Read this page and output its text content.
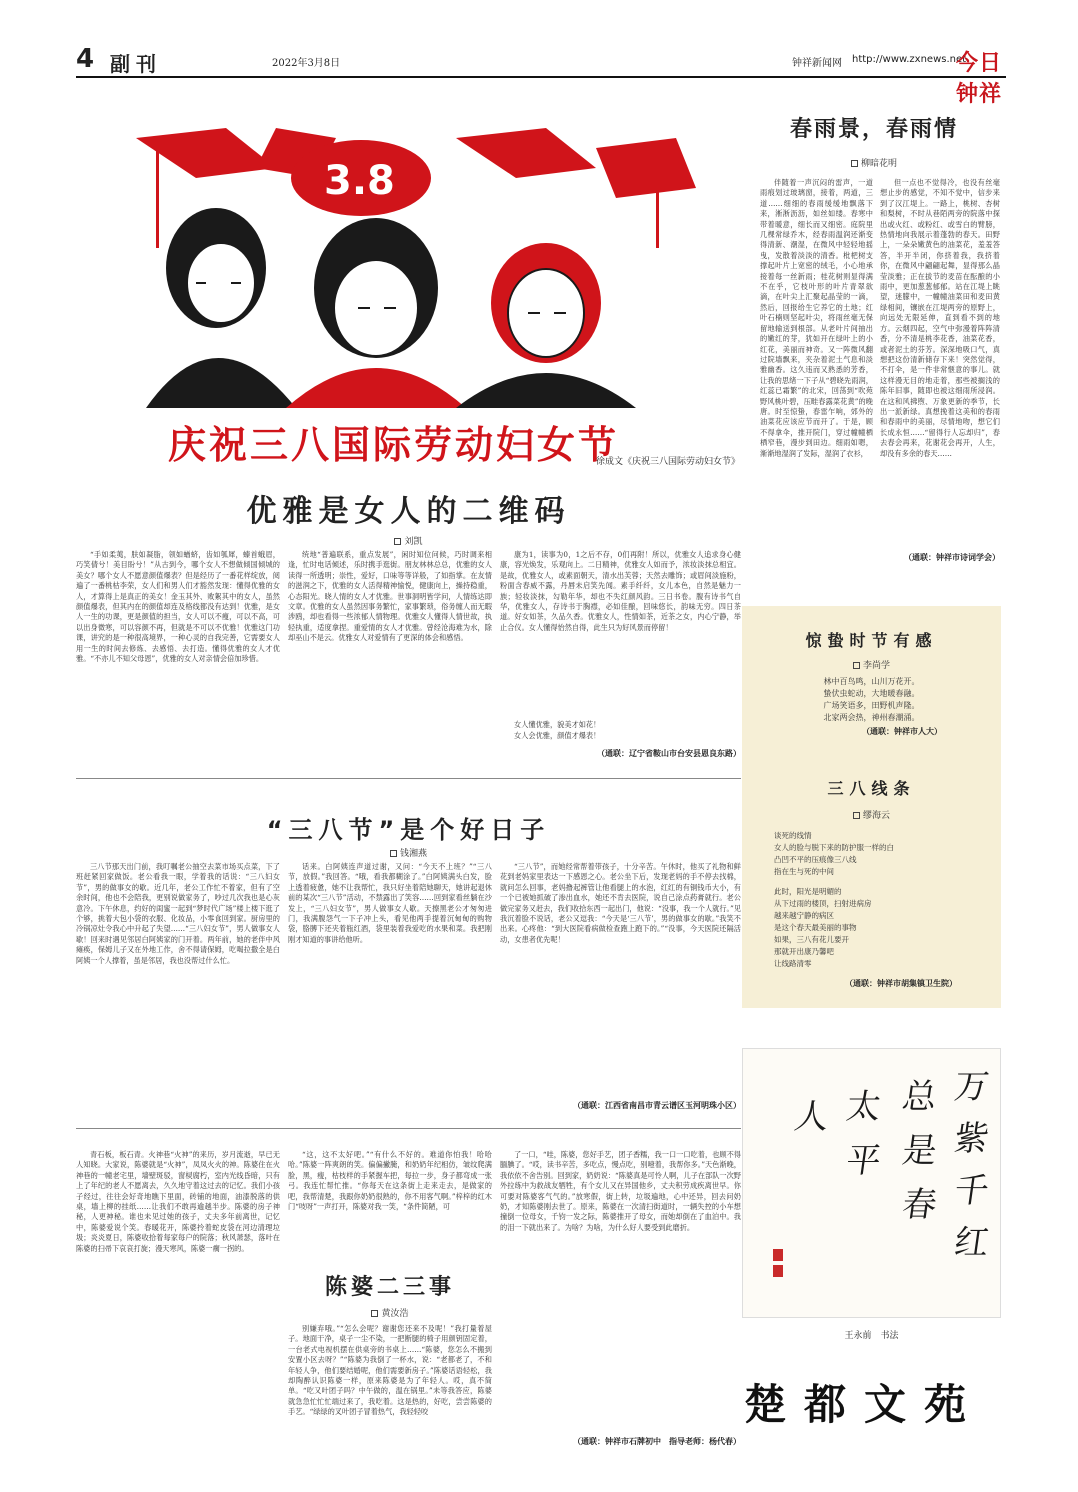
4 副刊	2022年3月8日	钟祥新闻网 http://www.zxnews.net
今日钟祥
3.8
庆祝三八国际劳动妇女节
徐成文《庆祝三八国际劳动妇女节》
优雅是女人的二维码
刘凯
“手如柔荑，肤如凝脂，领如蝤蛴，齿如瓠犀，螓首蛾眉，巧笑倩兮！美目盼兮！”从古到今，哪个女人不想做倾国倾城的美女？哪个女人不愿意颜值爆表？但是经历了一番花样绽放，阅遍了一番桃枯李荣，女人们和男人们才豁然发现：懂得优雅的女人，才算得上是真正的美女！金玉其外、败絮其中的女人，虽然颜值爆表，但其内在的颜值却连及格线都没有达到！优雅，是女人一生的功课，更是颜值的担当，女人可以不瘦，可以不高，可以出身微寒，可以容颜不再，但就是不可以不优雅！优雅这门功课，讲究的是一种很高境界，一种心灵的自我完善，它需要女人用一生的时间去修炼、去感悟、去打造。懂得优雅的女人才优雅。“不亦儿不知父母恩”，优雅的女人对亲情会倍加珍惜。
统地“普遍联系，重点发展”，闲时知位问候，巧时调来相逢，忙时电话倾述，乐时携手逛街。朋友林林总总，优雅的女人读得一所透明；崇性，爱好，口味等等详般，了如指掌。在友情的滋润之下，优雅的女人活得精神愉悦，健康向上，操持稳重，心态阳光。晓人情的女人才优雅。世事洞明皆学问，人情练达即文章。优雅的女人虽然因事务繁忙，家事繁琐，俗务缠人而无暇涉鸥，却也看得一些浓郁人情物理。优雅女人懂得人情世故，执轻执重，适度拿捏。重爱情的女人才优雅。曾经沧海难为水，除却巫山不是云。优雅女人对爱情有了更深的体会和感悟。
康为1，读事为0，1之后不存，0们再附！所以，优雅女人追求身心健康，容光焕发，乐观向上。二日精神，优雅女人如而予，浓妆淡抹总相宜。是故，优雅女人，或素面朝天，清水出芙蓉；天然去雕饰；或眉间淡施粉，粉面含春威不露，丹唇未启笑先闻。素手纤纤，女儿本色，自然是魅力一族；轻妆淡抹，勾勒年华，却也不失红颜风韵。三日书卷。腹有诗书气自华，优雅女人，存诗书于胸襟，必如佳酿，回味悠长，韵味无穷。四日茶道。好女如茶，久品久香。优雅女人，性情如茶，近茶之女，内心宁静，举止合仪。女人懂得怡然自得，此生只为好风景而停留！
女人懂优雅，貌美才如花！
女人会优雅，颜值才爆表！
（通联：辽宁省鞍山市台安县恩良东路）
“三八节”是个好日子
钱湘燕
三八节那天出门前，我叮嘱老公抽空去菜市场买点菜，下了班赶紧回家做饭。老公看我一眼，学着我的话说：“三八妇女节”，男的做事女的歇。近几年，老公工作忙不着家，但有了空余时间，他也不会陪我，更别说做家务了，吵过几次我也是心灰意冷。下午休息，约好的闺蜜一起到“梦时代广场”楼上楼下逛了个够，挑着大包小袋的衣服、化妆品，小零食回到家。厨房里的冷锅凉灶令我心中升起了失望……“三八妇女节”，男人做事女人歇！回来时遇见邻居白阿姨家的门开着。两年前，她的老伴中风瘫痪，保姆儿子又在外地工作，舍不得请保姆，吃喝拉撒全是白阿姨一个人撑着，虽是邻居，我也没帮过什么忙。
话来。白阿姨连声道过谢，又问：“今天不上班？”“三八节，放假。”我回答。“哦，看我都糊涂了。”白阿姨满头白发，脸上透着疲惫，她不让我帮忙，我只好坐着陪她聊天，她讲起退休前的某次“三八节”活动，不禁露出了笑容……回到家看丝躺在沙发上，“三八妇女节”，男人做事女人歇。天擦黑老公才匆匆进门，我满腹怨气一下子冲上头，看见他两手提着沉甸甸的购物袋，胳膊下还夹着瓶红酒，袋里装着我爱吃的水果和菜。我把刚刚才知道的事讲给他听。
“三八节”，而她经常帮着带孩子，十分辛苦。午休时，他买了礼物和鲜花到老妈家里表达一下感恩之心。老公坐下后，发现老妈的手不停去找棉，就问怎么回事，老妈撸起裤管让他看腿上的水泡，红红的有铜钱币大小，有一个已被她抓破了渗出血水，她还不肯去医院，说自己涂点药膏就行。老公做完家务又赶去，我们收拾东西一起出门，他说：“没事，我一个人就行。”见我沉着脸不说话，老公又逗我：“今天是‘三八节’，男的做事女的歇。”我笑不出来。心疼他：“到大医院看病做检查跑上跑下的。”“没事，今天医院还隔活动，女患者优先呢！
（通联：江西省南昌市青云谱区玉河明珠小区）
青石板，板石青。火神巷“火神”的来历，岁月流逝，早已无人知晓。大家说，陈婆就是“火神”，凤凤火火的神。陈婆住在火神巷的一幢老宅里，墙壁斑驳，窗棂腐朽，室内光线昏暗，只有上了年纪的老人不愿离去，久久地守着这过去的记忆。我们小孩子经过，往往会好奇地瞧下里面，砖铺的地面，油漆脱落的供桌，墙上柳的挂纸……让我们不敢再逾越半步。陈婆的房子神秘，人更神秘。谁也未见过她的孩子，丈夫多年前离世，记忆中，陈婆爱说个笑。春暖花开，陈婆拎着蛇皮袋在河边清理垃圾；炎炎夏日，陈婆收拾着每家每户的院落；秋风萧瑟，落叶在陈婆的扫帚下哀哀打旋；漫天寒风，陈婆一瘸一拐的。
“这，这不太好吧。”“有什么不好的。难道你怕我！哈哈哈。”陈婆一阵爽朗的笑。偏偏撇腌，和奶奶年纪相仿，皱纹爬满脸，黑，瘦，枯枝样的手紧握车把，每拉一步，身子都弯成一张弓。我连忙帮忙推。“你每天在这条街上走来走去，是做家的吧，我帮清楚，我跟你奶奶很熟的，你不用客气啊。”梓梓的红木门“吱呀”一声打开，陈婆对我一笑，“条件简陋，可
陈婆二三事
黄汝浩
别嫌弃哦。”“怎么会呢？谢谢您还来不及呢！”我打量着屋子。地面干净，桌子一尘不染，一把断腿的椅子用颜钥固定着，一台老式电视机摆在供桌旁的书桌上……“陈婆，您怎么不搬到安置小区去呀？”“陈婆为我倒了一杯水，说：“老都老了，不和年轻人争，他们要结婚呢，他们需要新房子。”陈婆话语轻松，我却陶醉认识陈婆一样，原来陈婆是为了年轻人。哎，真不简单。“吃又叶团子吗？中午做的，温在锅里。”未等我答应，陈婆就急急忙忙忙端过来了，我吃着。这是热的，好吃，尝尝陈婆的手艺。“绿绿的叉叶团子冒着热气，我轻轻咬
了一口，“哇，陈婆，您好手艺，团子香糯，我一口一口吃着，也顾不得腼腆了。“哎，读书辛苦，多吃点，慢点吃，别噎着，我帮你多。”天色渐晚，我依依不舍告别。回到家，奶奶说：“陈婆真是可怜人啊，儿子在部队一次野外拉练中为救战友牺牲，有个女儿又在异国他乡，丈夫积劳成疾离世早。你可要对陈婆客气气的。”放寒假，街上转，垃圾遍地，心中还异，回去问奶奶，才知陈婆刚去世了。原来，陈婆在一次清扫街道时，一辆失控的小车想撞倒一位母女，千钧一发之际，陈婆推开了母女，而她却倒在了血泊中。我的泪一下就出来了。为啥？为啥，为什么好人要受到此磨折。
（通联：钟祥市石牌初中　指导老师：杨代春）
春雨景，春雨情
柳暗花明
伴随着一声沉闷的雷声，一道雨痕划过玻璃窗，接着，两道，三道……细细的春雨缓缓地飘落下来，淅淅沥沥，如丝如缕。春寒中带着暖意，细长而又细密。庭院里几棵常绿乔木，经春雨温润还渐变得清新、潮湿，在微风中轻轻地摇曳，发散着淡淡的清香。枇杷树支撑起叶片上宽密的绒毛，小心地承接着每一丝新雨；桂花树则显得满不在乎，它枝叶形的叶片青翠欲滴，在叶尖上汇聚起晶莹的一滴，然后，回报给生它养它的土地；红叶石楠则坚起叶尖，将雨丝毫无保留地输送到根部。从老叶片间抽出的嫩红的芽，犹如开在绿叶上的小红花，美丽而神奇。又一阵微风翻过院墙飘来，夹杂着泥土气息和淡雅幽香。这久违而又熟悉的芳香，让我的思绪一下子从“碧晓先雨润，红蕊已霜繁”的北宋，回荡到“吹苑野风桃叶碧，压畦春露菜花黄”的晚唐。时至惊蛰，春雷乍响，郊外的油菜花应该应节而开了。于是，顾不得拿伞，推开院门，穿过幢幢栖栖窄巷，漫步到田边。细雨如嗯，渐渐地湿润了发际，湿润了衣衫，
但一点也不觉得冷，也没有丝毫想止步的感觉，不知不觉中，信步来到了汉江堤上。一路上，桃树、杏树和梨树，不时从巷陌两旁的院落中探出或火红、或粉红、或雪白的臂膀，热情地向我展示着蓬勃的春天。田野上，一朵朵嫩黄色的油菜花，羞羞答答，半开半闭，你挤着我，我挤着你，在微风中翩翩起舞，显得那么晶莹淡雅；正在拔节的麦苗在酝酿的小雨中，更加葱葱郁郁。站在江堤上眺望，迷朦中，一幢幢油菜田和麦田黄绿相间，镶嵌在江堤两旁的原野上，向远处无限延伸，直到看不到的地方。云烟四起，空气中弥漫着阵阵清香，分不清是桃李花香，油菜花香，或者泥土的芬芳。深深地吸口气，真想把这份清新储存下来！突然觉得，不打伞，是一件非常惬意的事儿。就这样漫无目的地走着，那些被搁浅的陈年旧事，随即也被这细雨所浸润。在这和风拂煦、万象更新的季节，长出一派新绿。真想挽着这美和的春雨和春雨中的美丽，尽情地吻，想它们长成永恒……“留得行人忘却归”，春去春会再来，花谢花会再开，人生，却没有多余的春天……
（通联：钟祥市诗词学会）
惊蛰时节有感
李尚学
林中百鸟鸣，山川万花开。
蛰伏虫蛇动，大地暖春融。
广场笑语多，田野机声隆。
北家两会热，神州春潮涌。
（通联：钟祥市人大）
三八线条
缪海云
谈死的线情
女人的脸与脱下来的防护服一样的白
凸凹不平的压痕像三八线
指在生与死的中间
此时，阳光是明媚的
从下过雨的楼顶，扫射进病房
越来越宁静的病区
是这个春天最美丽的事物
如果，三八有花儿要开
那就开出康乃馨吧
让线路清零
（通联：钟祥市胡集镇卫生院）
万
紫
千
红
总
是
春
太
平
人
王永前　书法
楚都文苑
